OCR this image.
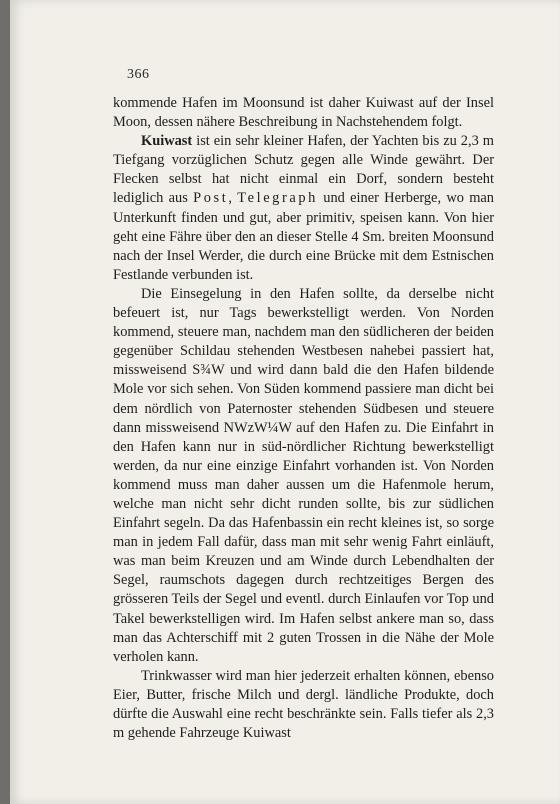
366

kommende Hafen im Moonsund ist daher Kuiwast auf der Insel Moon, dessen nähere Beschreibung in Nachstehendem folgt.

Kuiwast ist ein sehr kleiner Hafen, der Yachten bis zu 2,3 m Tiefgang vorzüglichen Schutz gegen alle Winde gewährt. Der Flecken selbst hat nicht einmal ein Dorf, sondern besteht lediglich aus Post, Telegraph und einer Herberge, wo man Unterkunft finden und gut, aber primitiv, speisen kann. Von hier geht eine Fähre über den an dieser Stelle 4 Sm. breiten Moonsund nach der Insel Werder, die durch eine Brücke mit dem Estnischen Festlande verbunden ist.

Die Einsegelung in den Hafen sollte, da derselbe nicht befeuert ist, nur Tags bewerkstelligt werden. Von Norden kommend, steuere man, nachdem man den südlicheren der beiden gegenüber Schildau stehenden Westbesen nahebei passiert hat, missweisend S¾W und wird dann bald die den Hafen bildende Mole vor sich sehen. Von Süden kommend passiere man dicht bei dem nördlich von Paternoster stehenden Südbesen und steuere dann missweisend NWzW¼W auf den Hafen zu. Die Einfahrt in den Hafen kann nur in süd-nördlicher Richtung bewerkstelligt werden, da nur eine einzige Einfahrt vorhanden ist. Von Norden kommend muss man daher aussen um die Hafenmole herum, welche man nicht sehr dicht runden sollte, bis zur südlichen Einfahrt segeln. Da das Hafenbassin ein recht kleines ist, so sorge man in jedem Fall dafür, dass man mit sehr wenig Fahrt einläuft, was man beim Kreuzen und am Winde durch Lebendhalten der Segel, raumschots dagegen durch rechtzeitiges Bergen des grösseren Teils der Segel und eventl. durch Einlaufen vor Top und Takel bewerkstelligen wird. Im Hafen selbst ankere man so, dass man das Achterschiff mit 2 guten Trossen in die Nähe der Mole verholen kann.

Trinkwasser wird man hier jederzeit erhalten können, ebenso Eier, Butter, frische Milch und dergl. ländliche Produkte, doch dürfte die Auswahl eine recht beschränkte sein. Falls tiefer als 2,3 m gehende Fahrzeuge Kuiwast
